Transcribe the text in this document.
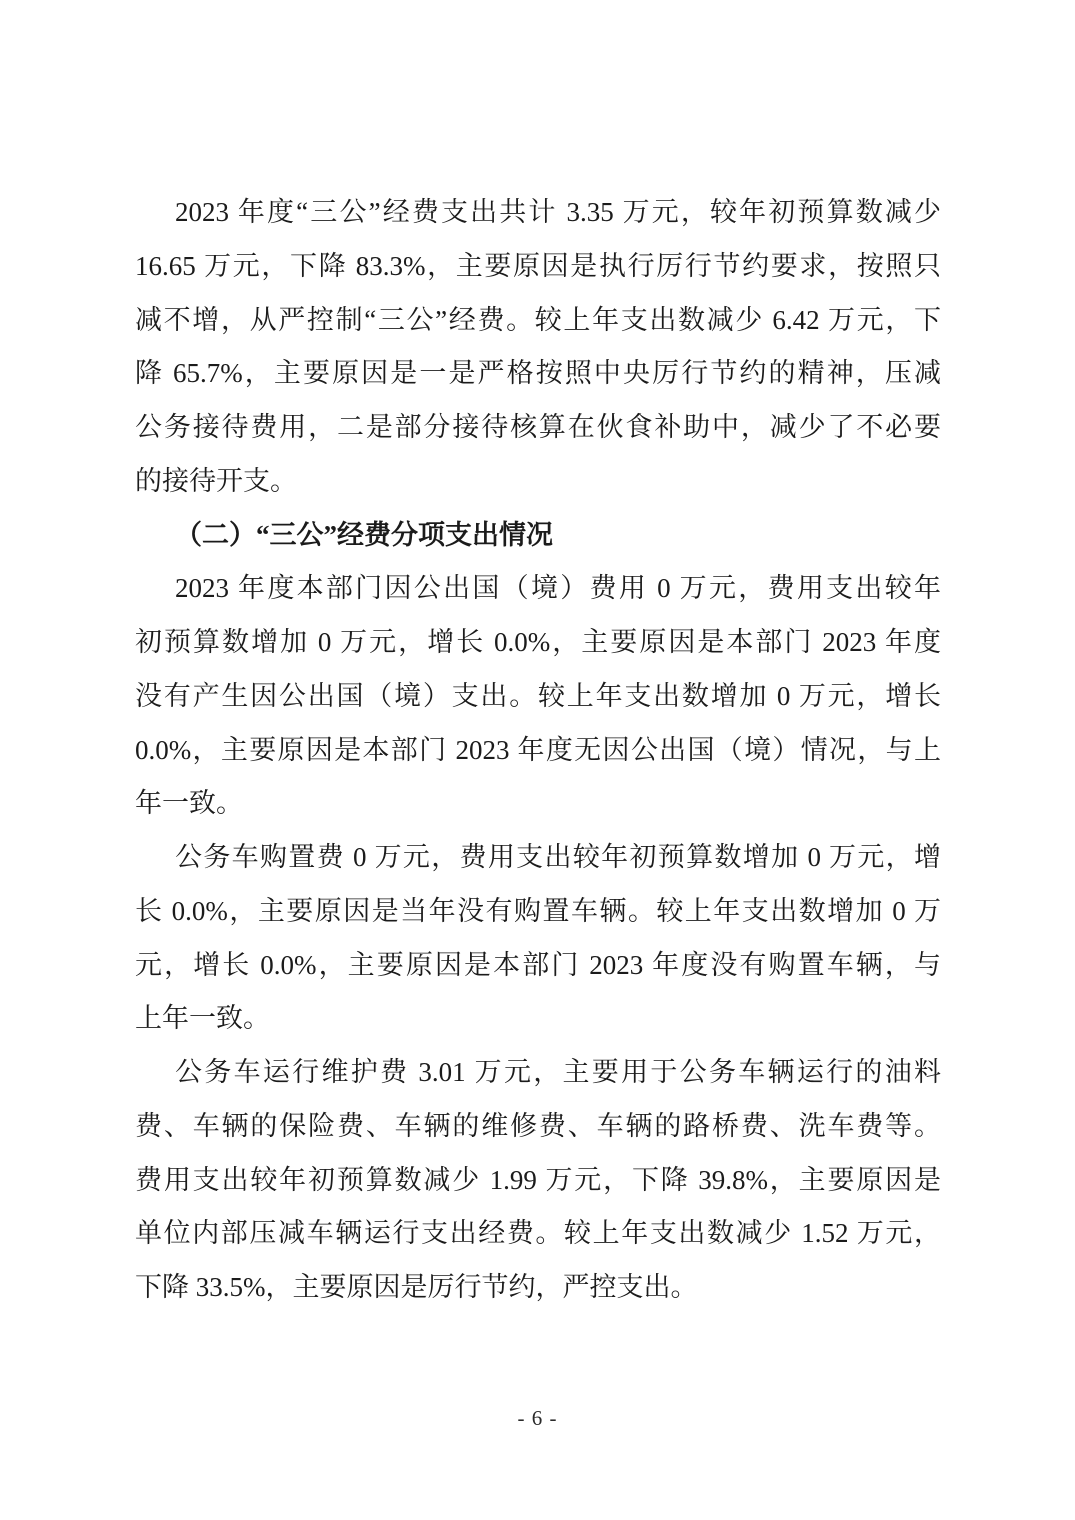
2023 年度“三公”经费支出共计 3.35 万元，较年初预算数减少
16.65 万元，下降 83.3%，主要原因是执行厉行节约要求，按照只
减不增，从严控制“三公”经费。较上年支出数减少 6.42 万元，下
降 65.7%，主要原因是一是严格按照中央厉行节约的精神，压减
公务接待费用，二是部分接待核算在伙食补助中，减少了不必要
的接待开支。
（二）“三公”经费分项支出情况
2023 年度本部门因公出国（境）费用 0 万元，费用支出较年
初预算数增加 0 万元，增长 0.0%，主要原因是本部门 2023 年度
没有产生因公出国（境）支出。较上年支出数增加 0 万元，增长
0.0%，主要原因是本部门 2023 年度无因公出国（境）情况，与上
年一致。
公务车购置费 0 万元，费用支出较年初预算数增加 0 万元，增
长 0.0%，主要原因是当年没有购置车辆。较上年支出数增加 0 万
元，增长 0.0%，主要原因是本部门 2023 年度没有购置车辆，与
上年一致。
公务车运行维护费 3.01 万元，主要用于公务车辆运行的油料
费、车辆的保险费、车辆的维修费、车辆的路桥费、洗车费等。
费用支出较年初预算数减少 1.99 万元，下降 39.8%，主要原因是
单位内部压减车辆运行支出经费。较上年支出数减少 1.52 万元，
下降 33.5%，主要原因是厉行节约，严控支出。
- 6 -
